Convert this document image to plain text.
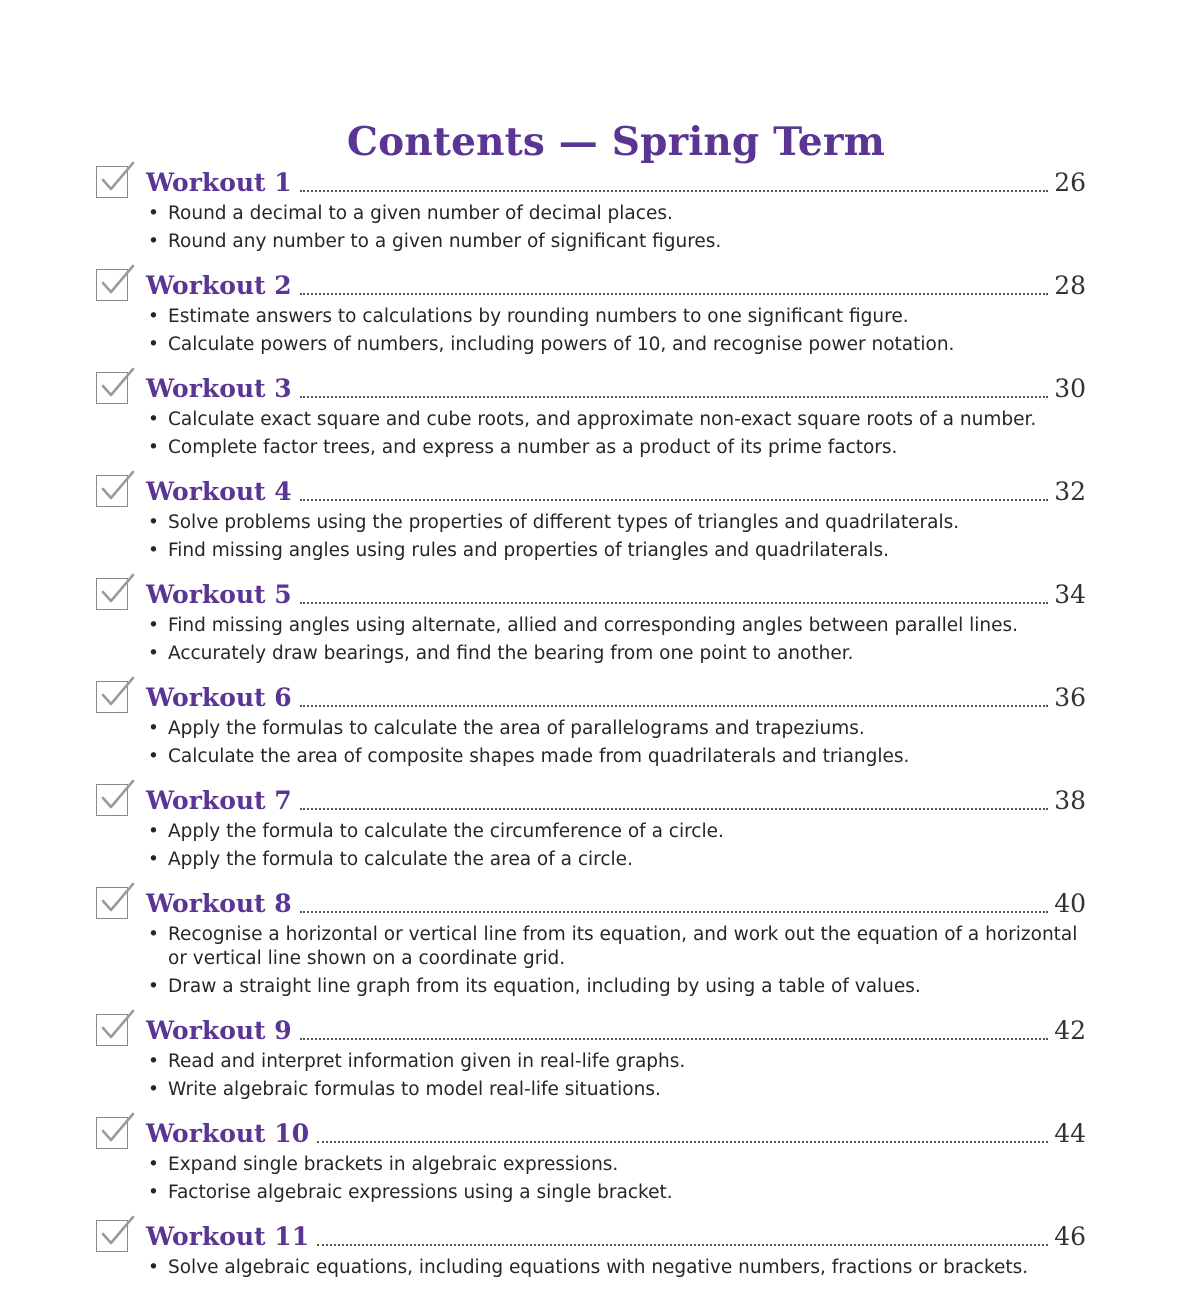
Contents — Spring Term
Workout 1	26
• Round a decimal to a given number of decimal places.
• Round any number to a given number of significant figures.
Workout 2	28
• Estimate answers to calculations by rounding numbers to one significant figure.
• Calculate powers of numbers, including powers of 10, and recognise power notation.
Workout 3	30
• Calculate exact square and cube roots, and approximate non-exact square roots of a number.
• Complete factor trees, and express a number as a product of its prime factors.
Workout 4	32
• Solve problems using the properties of different types of triangles and quadrilaterals.
• Find missing angles using rules and properties of triangles and quadrilaterals.
Workout 5	34
• Find missing angles using alternate, allied and corresponding angles between parallel lines.
• Accurately draw bearings, and find the bearing from one point to another.
Workout 6	36
• Apply the formulas to calculate the area of parallelograms and trapeziums.
• Calculate the area of composite shapes made from quadrilaterals and triangles.
Workout 7	38
• Apply the formula to calculate the circumference of a circle.
• Apply the formula to calculate the area of a circle.
Workout 8	40
• Recognise a horizontal or vertical line from its equation, and work out the equation of a horizontal or vertical line shown on a coordinate grid.
• Draw a straight line graph from its equation, including by using a table of values.
Workout 9	42
• Read and interpret information given in real-life graphs.
• Write algebraic formulas to model real-life situations.
Workout 10	44
• Expand single brackets in algebraic expressions.
• Factorise algebraic expressions using a single bracket.
Workout 11	46
• Solve algebraic equations, including equations with negative numbers, fractions or brackets.
